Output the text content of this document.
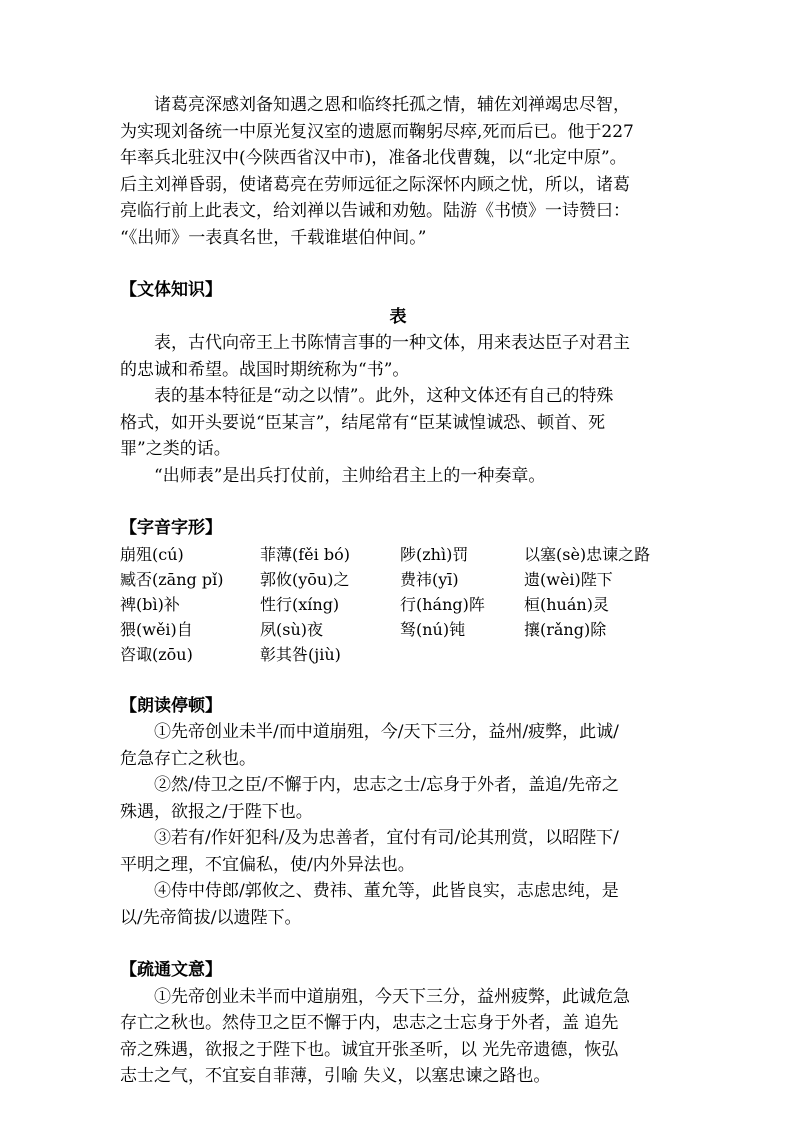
诸葛亮深感刘备知遇之恩和临终托孤之情，辅佐刘禅竭忠尽智，

为实现刘备统一中原光复汉室的遗愿而鞠躬尽瘁,死而后已。他于227

年率兵北驻汉中(今陕西省汉中市)，准备北伐曹魏，以“北定中原”。

后主刘禅昏弱，使诸葛亮在劳师远征之际深怀内顾之忧，所以，诸葛

亮临行前上此表文，给刘禅以告诫和劝勉。陆游《书愤》一诗赞曰：

“《出师》一表真名世，千载谁堪伯仲间。”

【文体知识】

表

表，古代向帝王上书陈情言事的一种文体，用来表达臣子对君主

的忠诚和希望。战国时期统称为“书”。

表的基本特征是“动之以情”。此外，这种文体还有自己的特殊

格式，如开头要说“臣某言”，结尾常有“臣某诚惶诚恐、顿首、死

罪”之类的话。

“出师表”是出兵打仗前，主帅给君主上的一种奏章。

【字音字形】

崩殂(cú)	菲薄(fěi bó)	陟(zhì)罚	以塞(sè)忠谏之路
臧否(zāng pǐ)	郭攸(yōu)之	费祎(yī)	遗(wèi)陛下
裨(bì)补	性行(xíng)	行(háng)阵	桓(huán)灵
猥(wěi)自	夙(sù)夜	驽(nú)钝	攘(rǎng)除
咨诹(zōu)	彰其咎(jiù)

【朗读停顿】

①先帝创业未半/而中道崩殂，今/天下三分，益州/疲弊，此诚/

危急存亡之秋也。

②然/侍卫之臣/不懈于内，忠志之士/忘身于外者，盖追/先帝之

殊遇，欲报之/于陛下也。

③若有/作奸犯科/及为忠善者，宜付有司/论其刑赏，以昭陛下/

平明之理，不宜偏私，使/内外异法也。

④侍中侍郎/郭攸之、费祎、董允等，此皆良实，志虑忠纯，是

以/先帝简拔/以遗陛下。

【疏通文意】

①先帝创业未半而中道崩殂，今天下三分，益州疲弊，此诚危急

存亡之秋也。然侍卫之臣不懈于内，忠志之士忘身于外者，盖 追先

帝之殊遇，欲报之于陛下也。诚宜开张圣听，以 光先帝遗德，恢弘

志士之气，不宜妄自菲薄，引喻 失义，以塞忠谏之路也。
